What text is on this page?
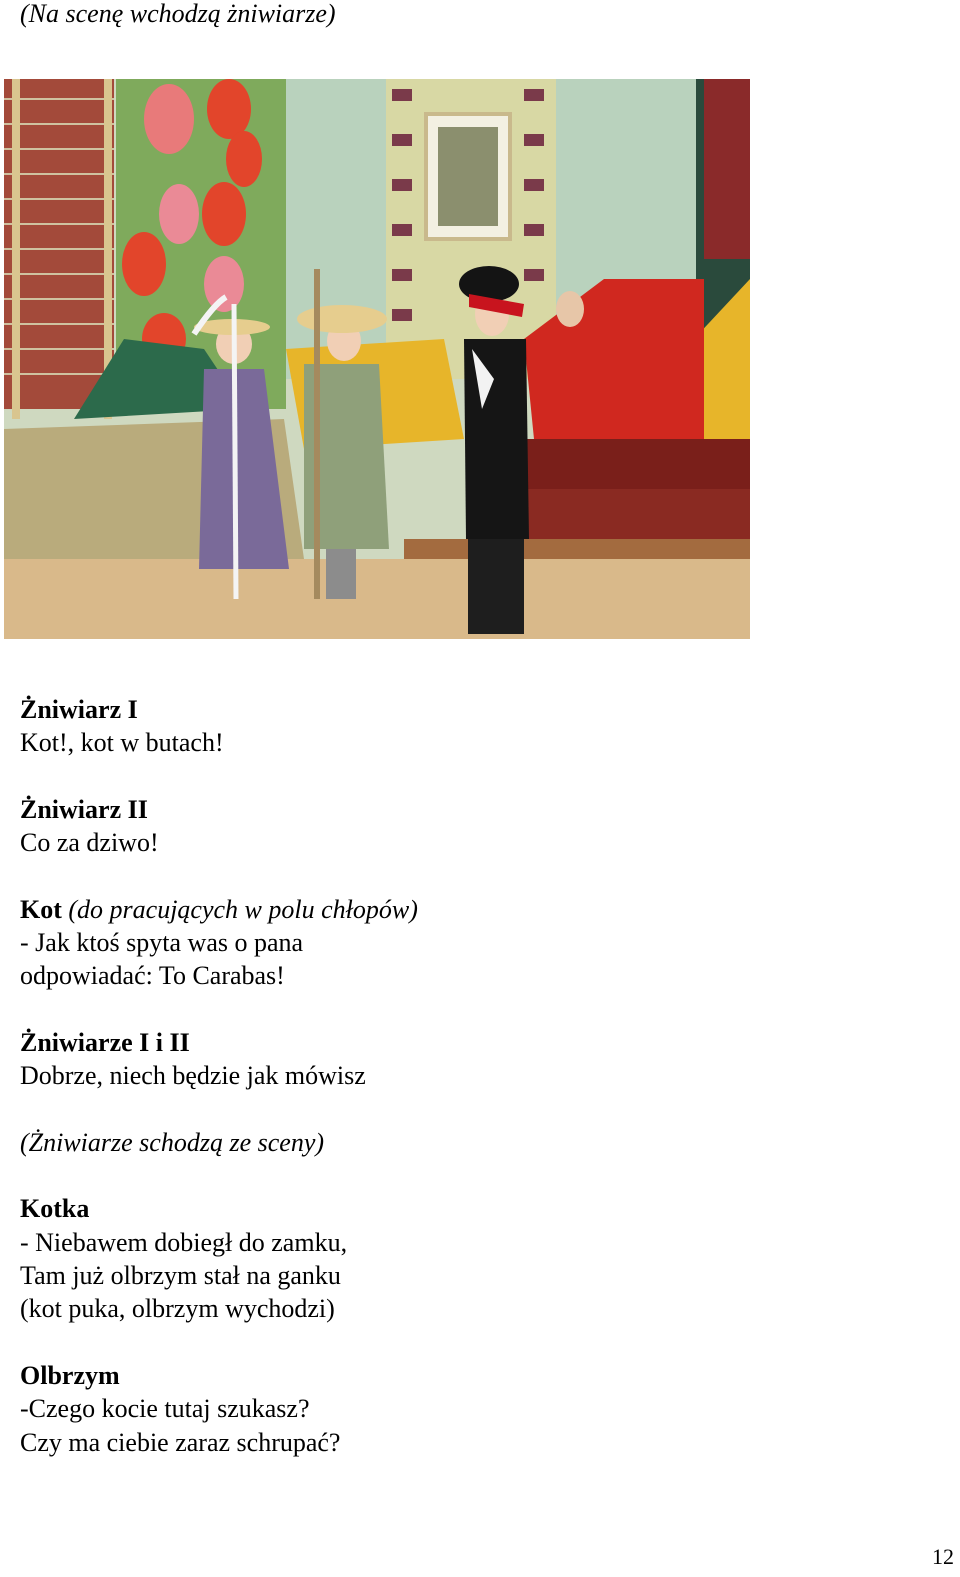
(Na scenę wchodzą żniwiarze)
Żniwiarz I
Kot!, kot w butach!
Żniwiarz II
Co za dziwo!
Kot (do pracujących w polu chłopów)
- Jak ktoś spyta was o pana
odpowiadać: To Carabas!
Żniwiarze I i II
Dobrze, niech będzie jak mówisz
(Żniwiarze schodzą ze sceny)
Kotka
- Niebawem dobiegł do zamku,
Tam już olbrzym stał na ganku
(kot puka, olbrzym wychodzi)
Olbrzym
-Czego kocie tutaj szukasz?
Czy ma ciebie zaraz schrupać?
12
